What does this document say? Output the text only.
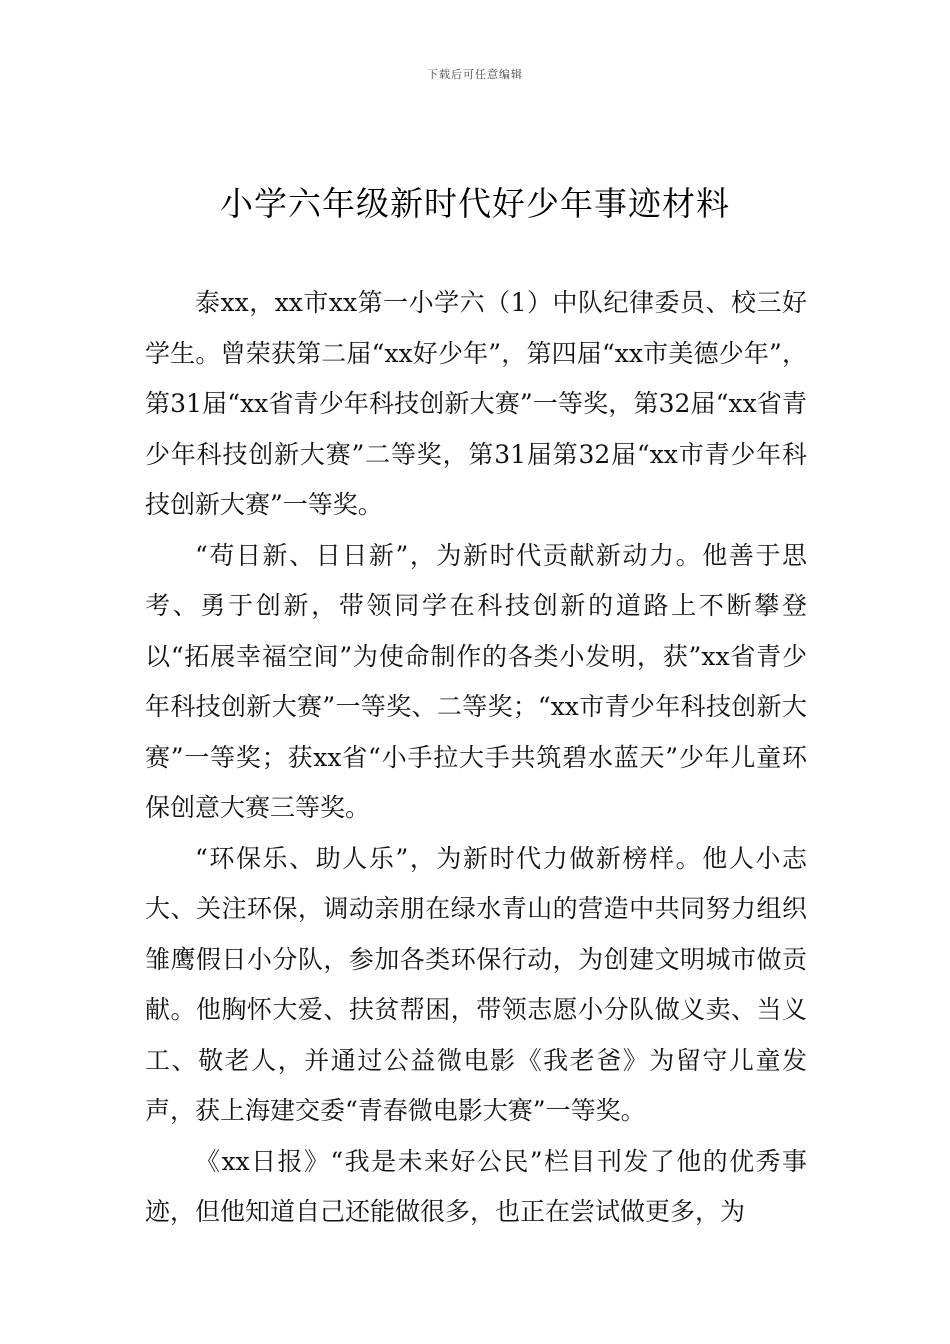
下载后可任意编辑
小学六年级新时代好少年事迹材料

泰xx，xx市xx第一小学六（1）中队纪律委员、校三好学生。曾荣获第二届“xx好少年”，第四届“xx市美德少年”，第31届“xx省青少年科技创新大赛”一等奖，第32届“xx省青少年科技创新大赛”二等奖，第31届第32届“xx市青少年科技创新大赛”一等奖。

“苟日新、日日新”，为新时代贡献新动力。他善于思考、勇于创新，带领同学在科技创新的道路上不断攀登以“拓展幸福空间”为使命制作的各类小发明，获”xx省青少年科技创新大赛”一等奖、二等奖；“xx市青少年科技创新大赛”一等奖；获xx省“小手拉大手共筑碧水蓝天”少年儿童环保创意大赛三等奖。

“环保乐、助人乐”，为新时代力做新榜样。他人小志大、关注环保，调动亲朋在绿水青山的营造中共同努力组织雏鹰假日小分队，参加各类环保行动，为创建文明城市做贡献。他胸怀大爱、扶贫帮困，带领志愿小分队做义卖、当义工、敬老人，并通过公益微电影《我老爸》为留守儿童发声，获上海建交委“青春微电影大赛”一等奖。

《xx日报》“我是未来好公民”栏目刊发了他的优秀事迹，但他知道自己还能做很多，也正在尝试做更多，为
